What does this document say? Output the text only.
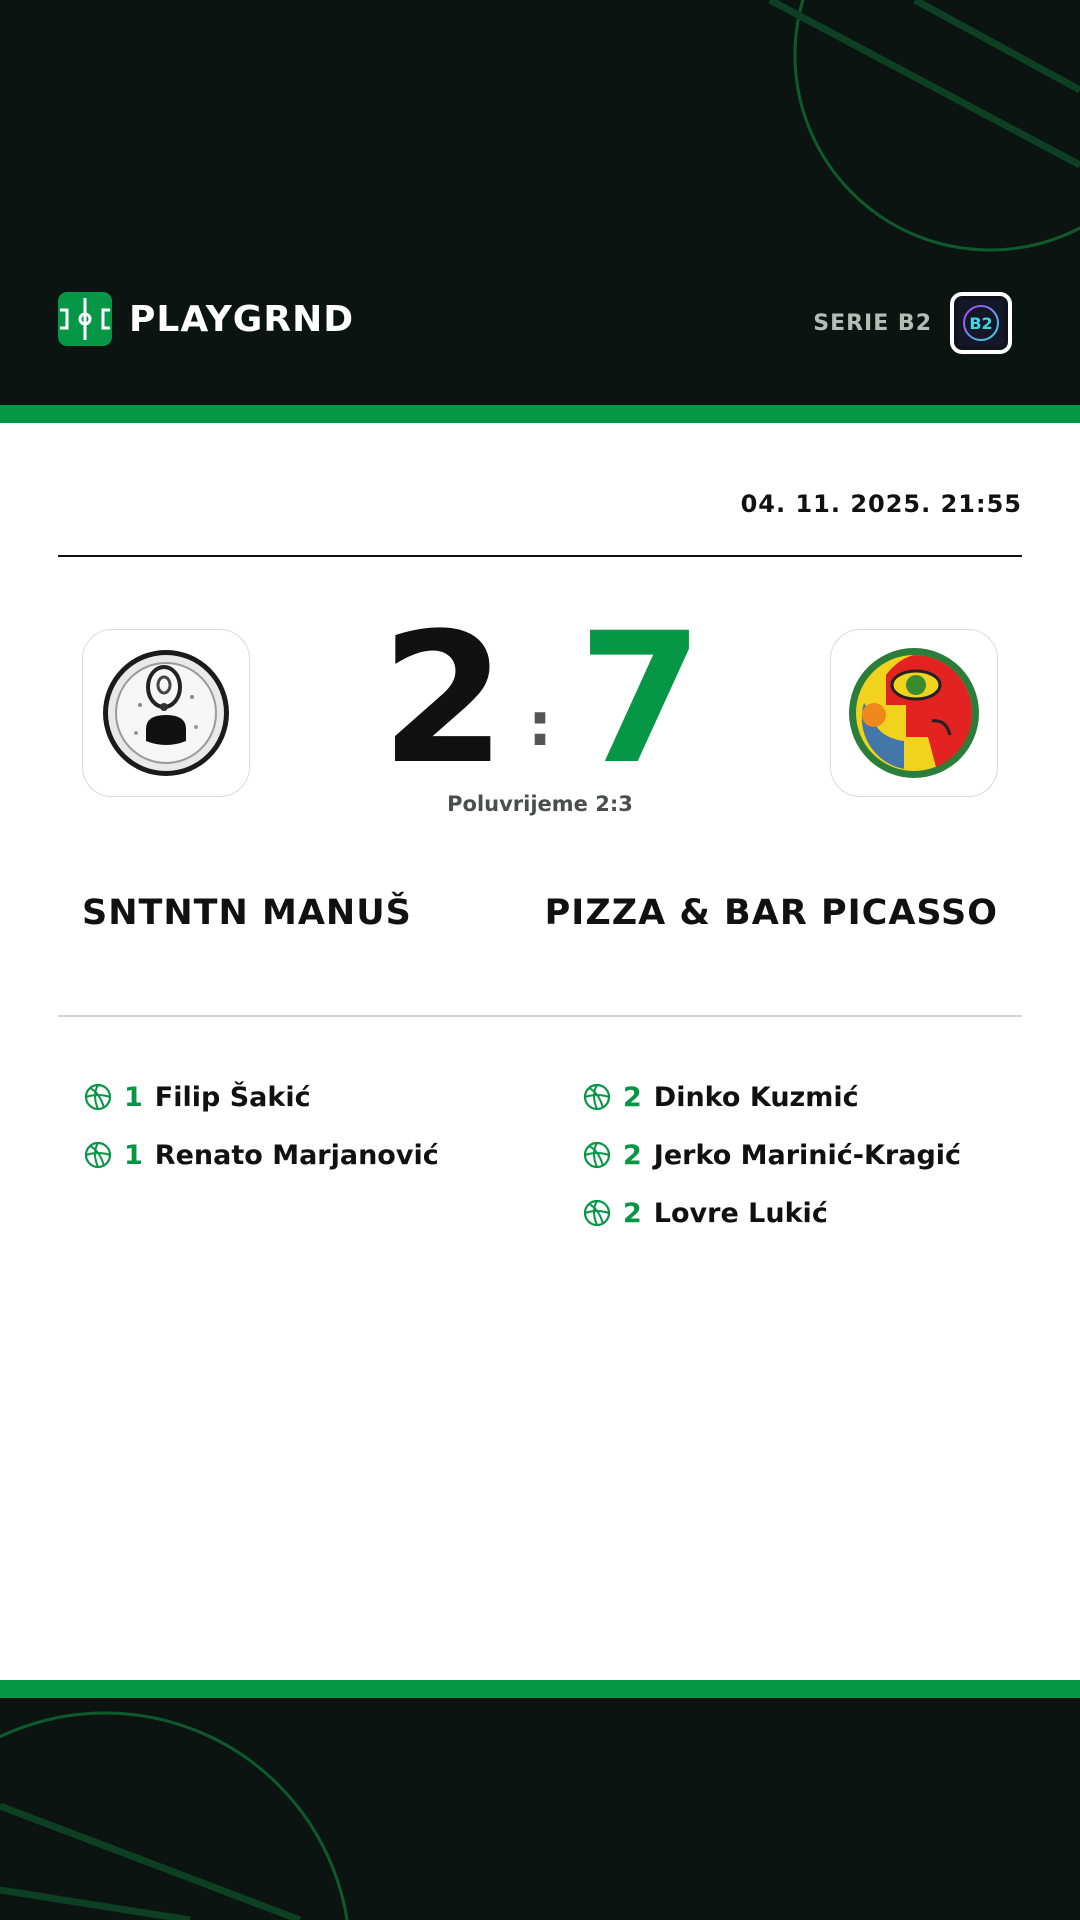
PLAYGRND	SERIE B2 B2
04. 11. 2025. 21:55
2 : 7
Poluvrijeme 2:3
SNTNTN MANUŠ	PIZZA & BAR PICASSO
1 Filip Šakić
1 Renato Marjanović
2 Dinko Kuzmić
2 Jerko Marinić-Kragić
2 Lovre Lukić
